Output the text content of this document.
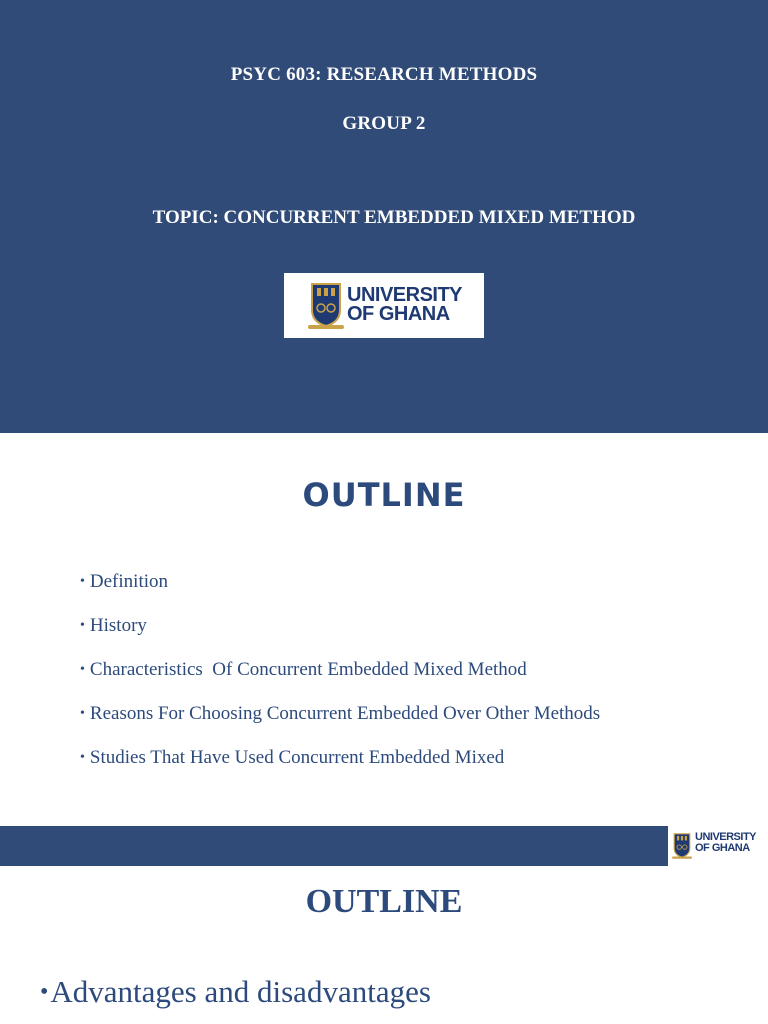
PSYC 603: RESEARCH METHODS
GROUP 2
TOPIC: CONCURRENT EMBEDDED MIXED METHOD
UNIVERSITY
OF GHANA
OUTLINE
• Definition
• History
• Characteristics  Of Concurrent Embedded Mixed Method
• Reasons For Choosing Concurrent Embedded Over Other Methods
• Studies That Have Used Concurrent Embedded Mixed
UNIVERSITY
OF GHANA
OUTLINE
•Advantages and disadvantages
